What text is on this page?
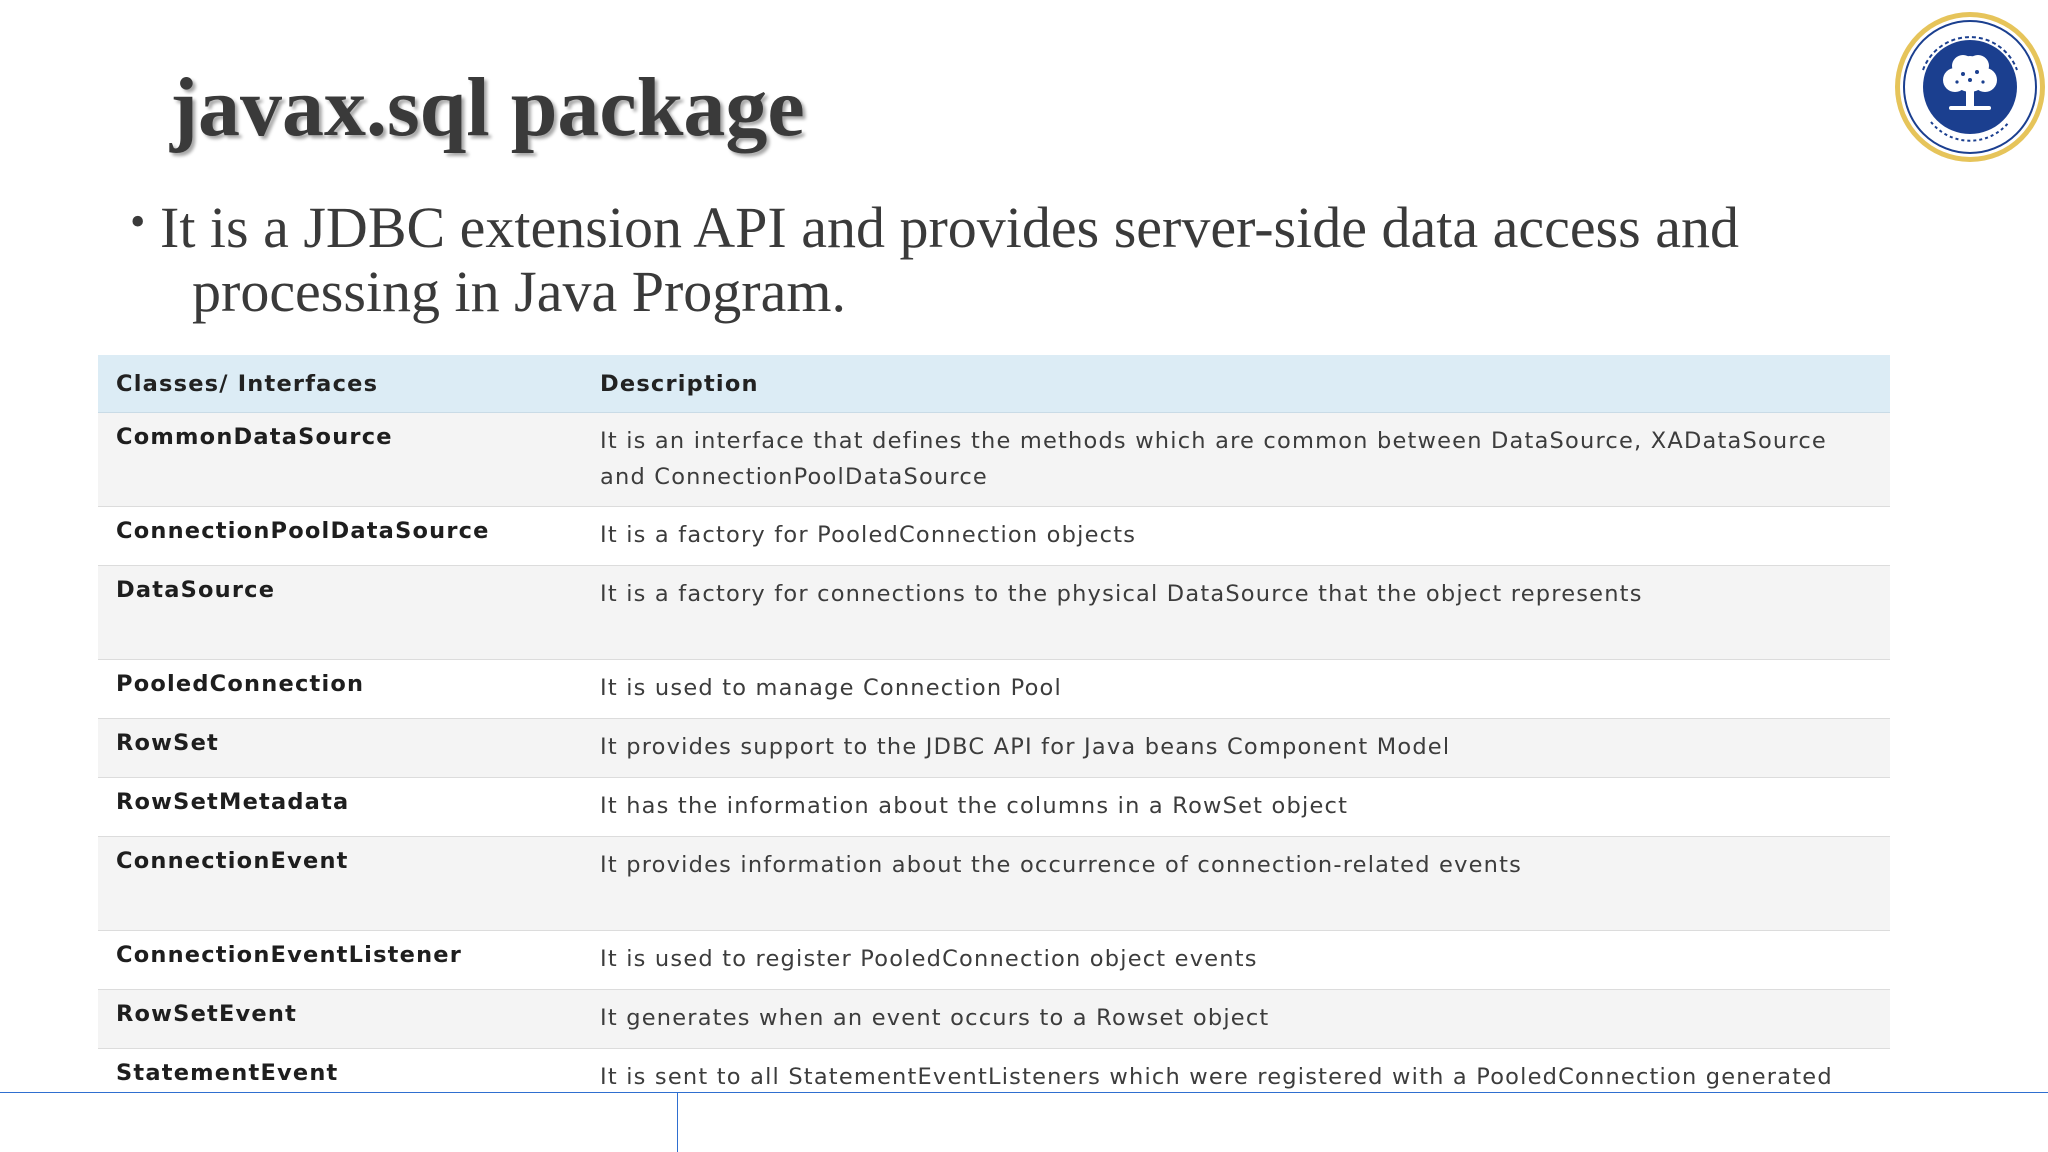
javax.sql package
• It is a JDBC extension API and provides server-side data access and
processing in Java Program.
Classes/ Interfaces	Description
CommonDataSource	It is an interface that defines the methods which are common between DataSource, XADataSource and ConnectionPoolDataSource
ConnectionPoolDataSource	It is a factory for PooledConnection objects
DataSource	It is a factory for connections to the physical DataSource that the object represents
PooledConnection	It is used to manage Connection Pool
RowSet	It provides support to the JDBC API for Java beans Component Model
RowSetMetadata	It has the information about the columns in a RowSet object
ConnectionEvent	It provides information about the occurrence of connection-related events
ConnectionEventListener	It is used to register PooledConnection object events
RowSetEvent	It generates when an event occurs to a Rowset object
StatementEvent	It is sent to all StatementEventListeners which were registered with a PooledConnection generated
